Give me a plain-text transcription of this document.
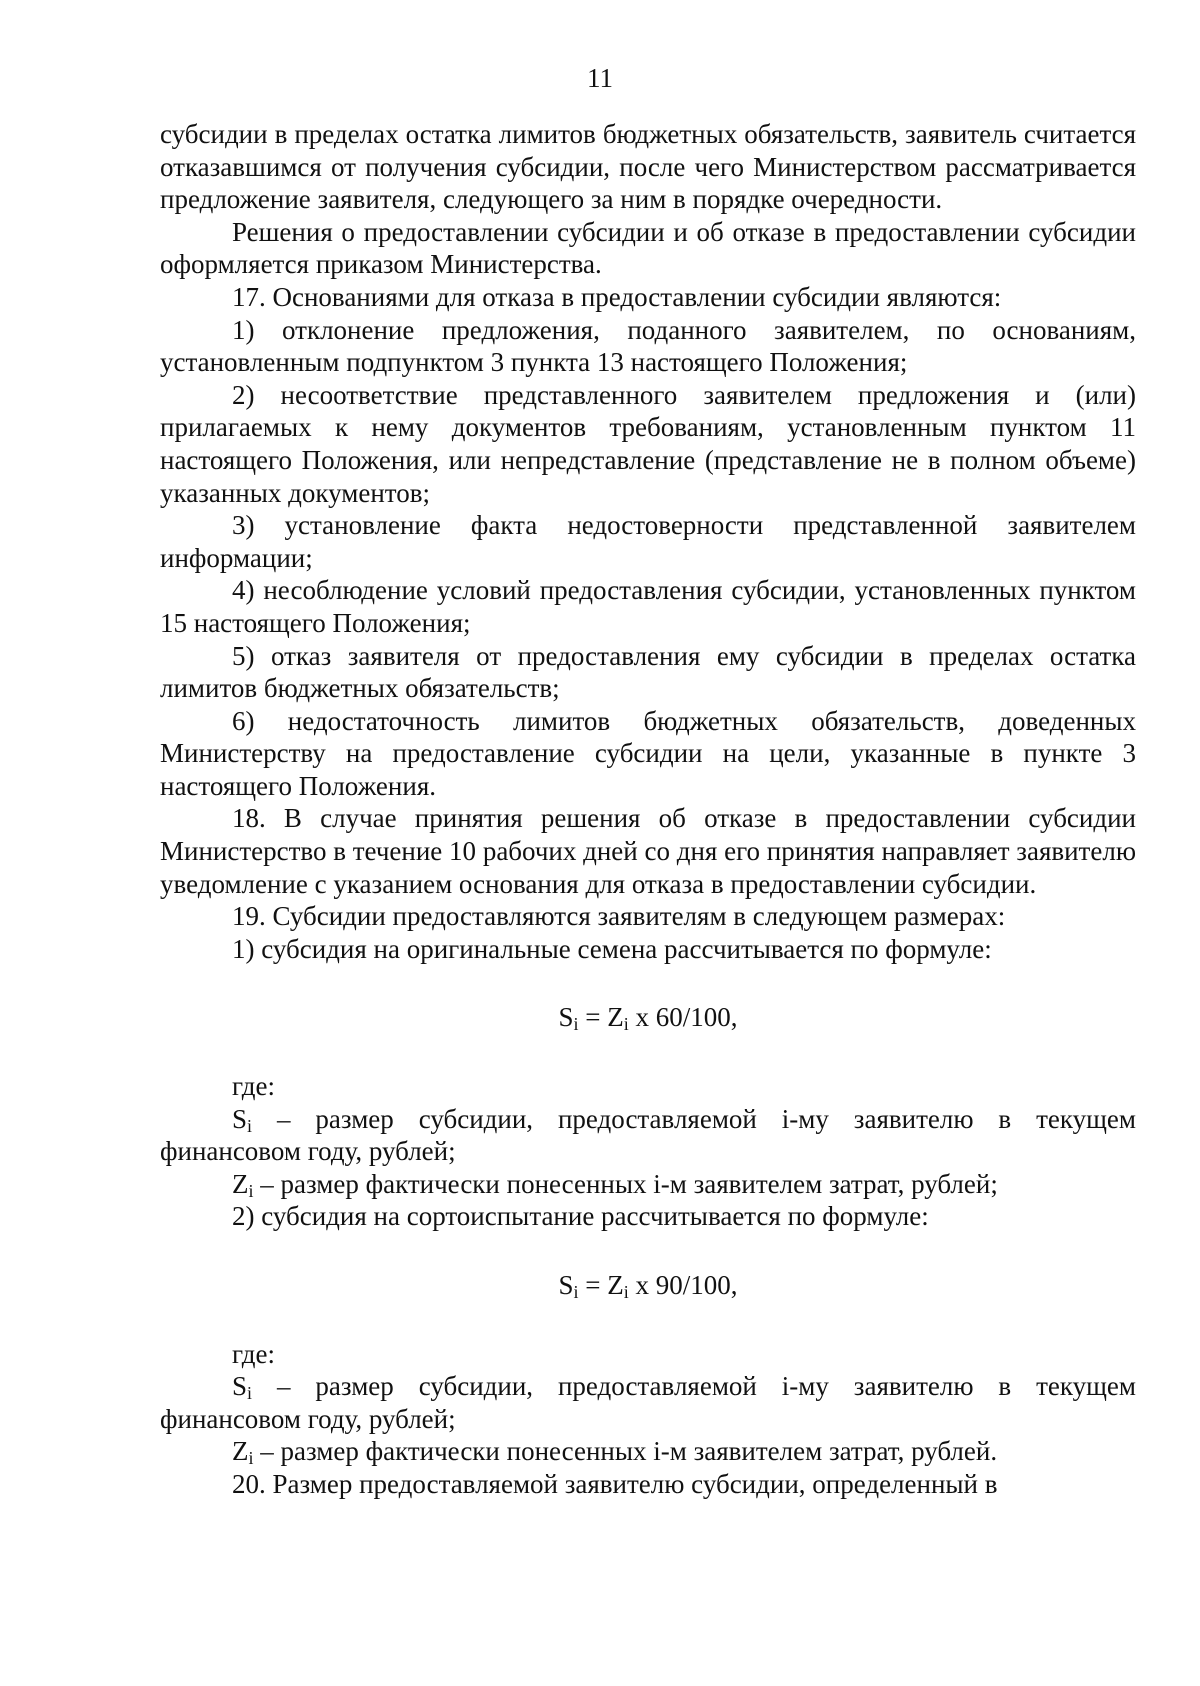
11

субсидии в пределах остатка лимитов бюджетных обязательств, заявитель считается отказавшимся от получения субсидии, после чего Министерством рассматривается предложение заявителя, следующего за ним в порядке очередности.

Решения о предоставлении субсидии и об отказе в предоставлении субсидии оформляется приказом Министерства.

17. Основаниями для отказа в предоставлении субсидии являются:

1) отклонение предложения, поданного заявителем, по основаниям, установленным подпунктом 3 пункта 13 настоящего Положения;

2) несоответствие представленного заявителем предложения и (или) прилагаемых к нему документов требованиям, установленным пунктом 11 настоящего Положения, или непредставление (представление не в полном объеме) указанных документов;

3) установление факта недостоверности представленной заявителем информации;

4) несоблюдение условий предоставления субсидии, установленных пунктом 15 настоящего Положения;

5) отказ заявителя от предоставления ему субсидии в пределах остатка лимитов бюджетных обязательств;

6) недостаточность лимитов бюджетных обязательств, доведенных Министерству на предоставление субсидии на цели, указанные в пункте 3 настоящего Положения.

18. В случае принятия решения об отказе в предоставлении субсидии Министерство в течение 10 рабочих дней со дня его принятия направляет заявителю уведомление с указанием основания для отказа в предоставлении субсидии.

19. Субсидии предоставляются заявителям в следующем размерах:

1) субсидия на оригинальные семена рассчитывается по формуле:

$S_i = Z_i$ x 60/100,

где:

$S_i$ – размер субсидии, предоставляемой i-му заявителю в текущем финансовом году, рублей;

$Z_i$ – размер фактически понесенных i-м заявителем затрат, рублей;

2) субсидия на сортоиспытание рассчитывается по формуле:

$S_i = Z_i$ x 90/100,

где:

$S_i$ – размер субсидии, предоставляемой i-му заявителю в текущем финансовом году, рублей;

$Z_i$ – размер фактически понесенных i-м заявителем затрат, рублей.

20. Размер предоставляемой заявителю субсидии, определенный в
